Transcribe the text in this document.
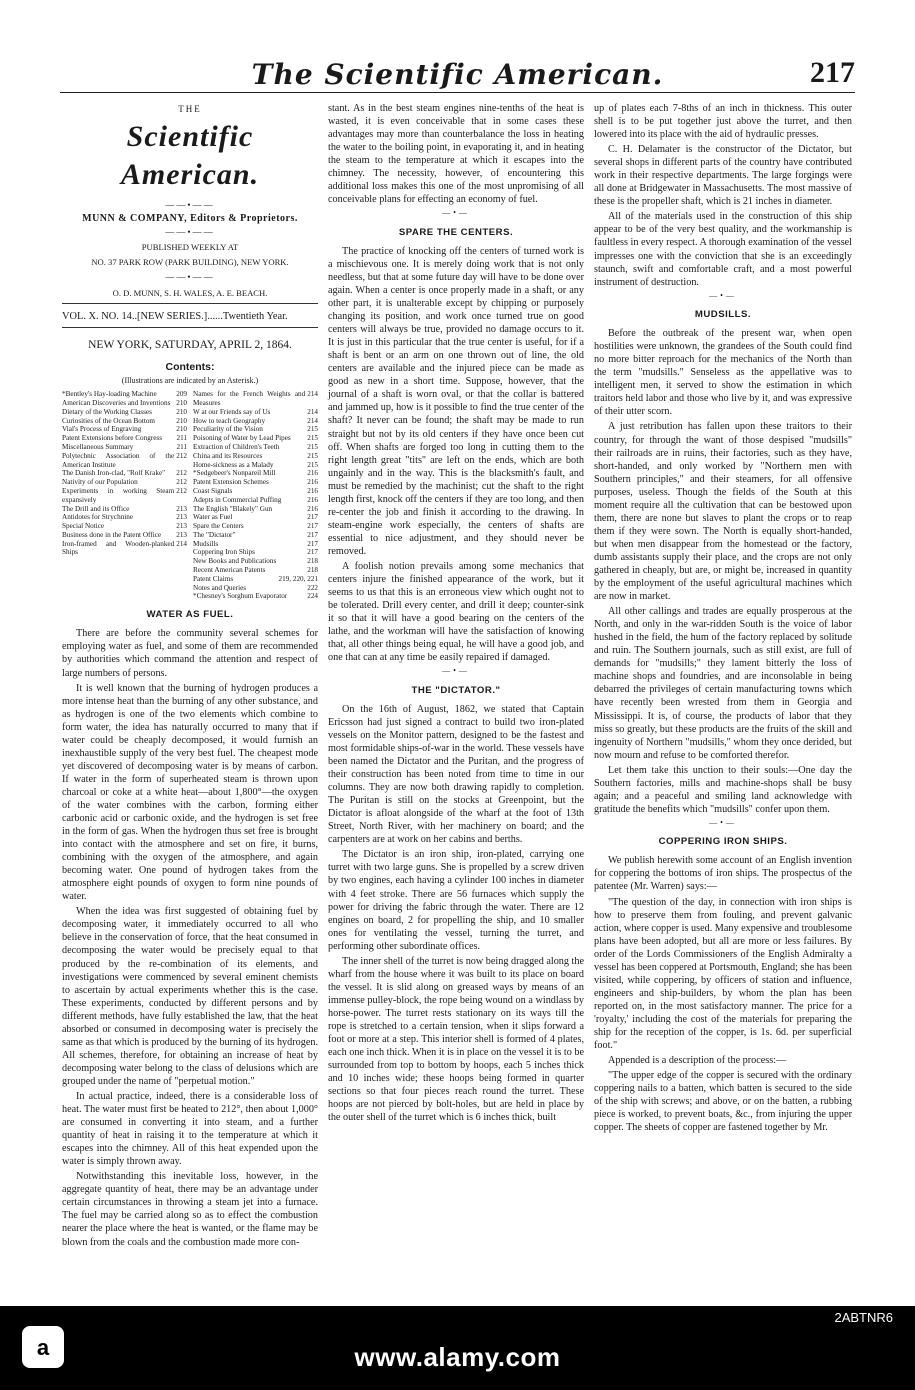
The Scientific American.	217
THE
Scientific American.
——•——
MUNN & COMPANY, Editors & Proprietors.
——•——
PUBLISHED WEEKLY AT
NO. 37 PARK ROW (PARK BUILDING), NEW YORK.
——•——
O. D. MUNN, S. H. WALES, A. E. BEACH.
VOL. X. NO. 14..[NEW SERIES.]......Twentieth Year.
NEW YORK, SATURDAY, APRIL 2, 1864.
Contents:
(Illustrations are indicated by an Asterisk.)
*Bentley's Hay-loading Machine	209
American Discoveries and Inventions 210
Dietary of the Working Classes	210
Curiosities of the Ocean Bottom	210
Vial's Process of Engraving	210
Patent Extensions before Congress 211
Miscellaneous Summary	211
Polytechnic Association of the American Institute
212
The Danish Iron-clad, "Rolf Krake" 212
Nativity of our Population	212
Experiments in working Steam expansively
212
The Drill and its Office	213
Antidotes for Strychnine	213
Special Notice	213
Business done in the Patent Office 213
Iron-framed and Wooden-planked Ships
214
Names for the French Weights and Measures
214
W at our Friends say of Us	214
How to teach Geography	214
Peculiarity of the Vision	215
Poisoning of Water by Lead Pipes 215
Extraction of Children's Teeth	215
China and its Resources	215
Home-sickness as a Malady	215
*Sedgebeer's Nonpareil Mill	216
Patent Extension Schemes	216
Coast Signals	216
Adepts in Commercial Puffing	216
The English "Blakely" Gun	216
Water as Fuel	217
Spare the Centers	217
The "Dictator"	217
Mudsills	217
Coppering Iron Ships	217
New Books and Publications	218
Recent American Patents	218
Patent Claims	219, 220, 221
Notes and Queries	222
*Chesney's Sorghum Evaporator	224
WATER AS FUEL.

There are before the community several schemes for employing water as fuel, and some of them are recommended by authorities which command the attention and respect of large numbers of persons.

It is well known that the burning of hydrogen produces a more intense heat than the burning of any other substance, and as hydrogen is one of the two elements which combine to form water, the idea has naturally occurred to many that if water could be cheaply decomposed, it would furnish an inexhaustible supply of the very best fuel. The cheapest mode yet discovered of decomposing water is by means of carbon. If water in the form of superheated steam is thrown upon charcoal or coke at a white heat—about 1,800°—the oxygen of the water combines with the carbon, forming either carbonic acid or carbonic oxide, and the hydrogen is set free in the form of gas. When the hydrogen thus set free is brought into contact with the atmosphere and set on fire, it burns, combining with the oxygen of the atmosphere, and again becoming water. One pound of hydrogen takes from the atmosphere eight pounds of oxygen to form nine pounds of water.

When the idea was first suggested of obtaining fuel by decomposing water, it immediately occurred to all who believe in the conservation of force, that the heat consumed in decomposing the water would be precisely equal to that produced by the re-combination of its elements, and investigations were commenced by several eminent chemists to ascertain by actual experiments whether this is the case. These experiments, conducted by different persons and by different methods, have fully established the law, that the heat absorbed or consumed in decomposing water is precisely the same as that which is produced by the burning of its hydrogen. All schemes, therefore, for obtaining an increase of heat by decomposing water belong to the class of delusions which are grouped under the name of "perpetual motion."

In actual practice, indeed, there is a considerable loss of heat. The water must first be heated to 212°, then about 1,000° are consumed in converting it into steam, and a further quantity of heat in raising it to the temperature at which it escapes into the chimney. All of this heat expended upon the water is simply thrown away.

Notwithstanding this inevitable loss, however, in the aggregate quantity of heat, there may be an advantage under certain circumstances in throwing a steam jet into a furnace. The fuel may be carried along so as to effect the combustion nearer the place where the heat is wanted, or the flame may be blown from the coals and the combustion made more con-

stant. As in the best steam engines nine-tenths of the heat is wasted, it is even conceivable that in some cases these advantages may more than counterbalance the loss in heating the water to the boiling point, in evaporating it, and in heating the steam to the temperature at which it escapes into the chimney. The necessity, however, of encountering this additional loss makes this one of the most unpromising of all conceivable plans for effecting an economy of fuel.

—•—
SPARE THE CENTERS.

The practice of knocking off the centers of turned work is a mischievous one. It is merely doing work that is not only needless, but that at some future day will have to be done over again. When a center is once properly made in a shaft, or any other part, it is unalterable except by chipping or purposely changing its position, and work once turned true on good centers will always be true, provided no damage occurs to it. It is just in this particular that the true center is useful, for if a shaft is bent or an arm on one thrown out of line, the old centers are available and the injured piece can be made as good as new in a short time. Suppose, however, that the journal of a shaft is worn oval, or that the collar is battered and jammed up, how is it possible to find the true center of the shaft? It never can be found; the shaft may be made to run straight but not by its old centers if they have once been cut off. When shafts are forged too long in cutting them to the right length great "tits" are left on the ends, which are both ungainly and in the way. This is the blacksmith's fault, and must be remedied by the machinist; cut the shaft to the right length first, knock off the centers if they are too long, and then re-center the job and finish it according to the drawing. In steam-engine work especially, the centers of shafts are essential to nice adjustment, and they should never be removed.

A foolish notion prevails among some mechanics that centers injure the finished appearance of the work, but it seems to us that this is an erroneous view which ought not to be tolerated. Drill every center, and drill it deep; counter-sink it so that it will have a good bearing on the centers of the lathe, and the workman will have the satisfaction of knowing that, all other things being equal, he will have a good job, and one that can at any time be easily repaired if damaged.

—•—
THE "DICTATOR."

On the 16th of August, 1862, we stated that Captain Ericsson had just signed a contract to build two iron-plated vessels on the Monitor pattern, designed to be the fastest and most formidable ships-of-war in the world. These vessels have been named the Dictator and the Puritan, and the progress of their construction has been noted from time to time in our columns. They are now both drawing rapidly to completion. The Puritan is still on the stocks at Greenpoint, but the Dictator is afloat alongside of the wharf at the foot of 13th Street, North River, with her machinery on board; and the carpenters are at work on her cabins and berths.

The Dictator is an iron ship, iron-plated, carrying one turret with two large guns. She is propelled by a screw driven by two engines, each having a cylinder 100 inches in diameter with 4 feet stroke. There are 56 furnaces which supply the power for driving the fabric through the water. There are 12 engines on board, 2 for propelling the ship, and 10 smaller ones for ventilating the vessel, turning the turret, and performing other subordinate offices.

The inner shell of the turret is now being dragged along the wharf from the house where it was built to its place on board the vessel. It is slid along on greased ways by means of an immense pulley-block, the rope being wound on a windlass by horse-power. The turret rests stationary on its ways till the rope is stretched to a certain tension, when it slips forward a foot or more at a step. This interior shell is formed of 4 plates, each one inch thick. When it is in place on the vessel it is to be surrounded from top to bottom by hoops, each 5 inches thick and 10 inches wide; these hoops being formed in quarter sections so that four pieces reach round the turret. These hoops are not pierced by bolt-holes, but are held in place by the outer shell of the turret which is 6 inches thick, built

up of plates each 7-8ths of an inch in thickness. This outer shell is to be put together just above the turret, and then lowered into its place with the aid of hydraulic presses.

C. H. Delamater is the constructor of the Dictator, but several shops in different parts of the country have contributed work in their respective departments. The large forgings were all done at Bridgewater in Massachusetts. The most massive of these is the propeller shaft, which is 21 inches in diameter.

All of the materials used in the construction of this ship appear to be of the very best quality, and the workmanship is faultless in every respect. A thorough examination of the vessel impresses one with the conviction that she is an exceedingly staunch, swift and comfortable craft, and a most powerful instrument of destruction.

—•—
MUDSILLS.

Before the outbreak of the present war, when open hostilities were unknown, the grandees of the South could find no more bitter reproach for the mechanics of the North than the term "mudsills." Senseless as the appellative was to intelligent men, it served to show the estimation in which traitors held labor and those who live by it, and was expressive of their utter scorn.

A just retribution has fallen upon these traitors to their country, for through the want of those despised "mudsills" their railroads are in ruins, their factories, such as they have, short-handed, and only worked by "Northern men with Southern principles," and their steamers, for all offensive purposes, useless. Though the fields of the South at this moment require all the cultivation that can be bestowed upon them, there are none but slaves to plant the crops or to reap them if they were sown. The North is equally short-handed, but when men disappear from the homestead or the factory, dumb assistants supply their place, and the crops are not only gathered in cheaply, but are, or might be, increased in quantity by the employment of the useful agricultural machines which are now in market.

All other callings and trades are equally prosperous at the North, and only in the war-ridden South is the voice of labor hushed in the field, the hum of the factory replaced by solitude and ruin. The Southern journals, such as still exist, are full of demands for "mudsills;" they lament bitterly the loss of machine shops and foundries, and are inconsolable in being debarred the privileges of certain manufacturing towns which have recently been wrested from them in Georgia and Mississippi. It is, of course, the products of labor that they miss so greatly, but these products are the fruits of the skill and ingenuity of Northern "mudsills," whom they once derided, but now mourn and refuse to be comforted therefor.

Let them take this unction to their souls:—One day the Southern factories, mills and machine-shops shall be busy again; and a peaceful and smiling land acknowledge with gratitude the benefits which "mudsills" confer upon them.

—•—
COPPERING IRON SHIPS.

We publish herewith some account of an English invention for coppering the bottoms of iron ships. The prospectus of the patentee (Mr. Warren) says:—

"The question of the day, in connection with iron ships is how to preserve them from fouling, and prevent galvanic action, where copper is used. Many expensive and troublesome plans have been adopted, but all are more or less failures. By order of the Lords Commissioners of the English Admiralty a vessel has been coppered at Portsmouth, England; she has been visited, while coppering, by officers of station and influence, engineers and ship-builders, by whom the plan has been reported on, in the most satisfactory manner. The price for a 'royalty,' including the cost of the materials for preparing the ship for the reception of the copper, is 1s. 6d. per superficial foot."

Appended is a description of the process:—

"The upper edge of the copper is secured with the ordinary coppering nails to a batten, which batten is secured to the side of the ship with screws; and above, or on the batten, a rubbing piece is worked, to prevent boats, &c., from injuring the upper copper. The sheets of copper are fastened together by Mr.

a
2ABTNR6
www.alamy.com
